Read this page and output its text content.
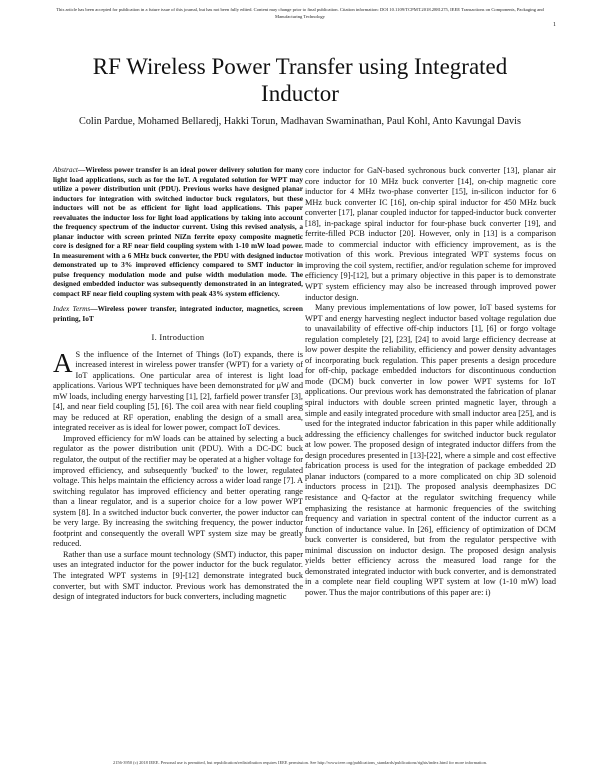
This article has been accepted for publication in a future issue of this journal, but has not been fully edited. Content may change prior to final publication. Citation information: DOI 10.1109/TCPMT.2018.2881275, IEEE Transactions on Components, Packaging and Manufacturing Technology
1
RF Wireless Power Transfer using Integrated Inductor
Colin Pardue, Mohamed Bellaredj, Hakki Torun, Madhavan Swaminathan, Paul Kohl, Anto Kavungal Davis

Abstract—Wireless power transfer is an ideal power delivery solution for many light load applications, such as for the IoT. A regulated solution for WPT may utilize a power distribution unit (PDU). Previous works have designed planar inductors for integration with switched inductor buck regulators, but these inductors will not be as efficient for light load applications. This paper reevaluates the inductor loss for light load applications by taking into account the frequency spectrum of the inductor current. Using this revised analysis, a planar inductor with screen printed NiZn ferrite epoxy composite magnetic core is designed for a RF near field coupling system with 1-10 mW load power. In measurement with a 6 MHz buck converter, the PDU with designed inductor demonstrated up to 3% improved efficiency compared to SMT inductor in pulse frequency modulation mode and pulse width modulation mode. The designed embedded inductor was subsequently demonstrated in an integrated, compact RF near field coupling system with peak 43% system efficiency.

Index Terms—Wireless power transfer, integrated inductor, magnetics, screen printing, IoT

I. Introduction

A S the influence of the Internet of Things (IoT) expands, there is increased interest in wireless power transfer (WPT) for a variety of IoT applications. One particular area of interest is light load applications. Various WPT techniques have been demonstrated for μW and mW loads, including energy harvesting [1], [2], farfield power transfer [3], [4], and near field coupling [5], [6]. The coil area with near field coupling may be reduced at RF operation, enabling the design of a small area, integrated receiver as is ideal for lower power, compact IoT devices.

Improved efficiency for mW loads can be attained by selecting a buck regulator as the power distribution unit (PDU). With a DC-DC buck regulator, the output of the rectifier may be operated at a higher voltage for improved efficiency, and subsequently 'bucked' to the lower, regulated voltage. This helps maintain the efficiency across a wider load range [7]. A switching regulator has improved efficiency and better operating range than a linear regulator, and is a superior choice for a low power WPT system [8]. In a switched inductor buck converter, the power inductor can be very large. By increasing the switching frequency, the power inductor footprint and consequently the overall WPT system size may be greatly reduced.

Rather than use a surface mount technology (SMT) inductor, this paper uses an integrated inductor for the power inductor for the buck regulator. The integrated WPT systems in [9]-[12] demonstrate integrated buck converter, but with SMT inductor. Previous work has demonstrated the design of integrated inductors for buck converters, including magnetic

core inductor for GaN-based sychronous buck converter [13], planar air core inductor for 10 MHz buck converter [14], on-chip magnetic core inductor for 4 MHz two-phase converter [15], in-silicon inductor for 6 MHz buck converter IC [16], on-chip spiral inductor for 450 MHz buck converter [17], planar coupled inductor for tapped-inductor buck converter [18], in-package spiral inductor for four-phase buck converter [19], and ferrite-filled PCB inductor [20]. However, only in [13] is a comparison made to commercial inductor with efficiency improvement, as is the motivation of this work. Previous integrated WPT systems focus on improving the coil system, rectifier, and/or regulation scheme for improved efficiency [9]-[12], but a primary objective in this paper is to demonstrate WPT system efficiency may also be increased through improved power inductor design.

Many previous implementations of low power, IoT based systems for WPT and energy harvesting neglect inductor based voltage regulation due to unavailability of effective off-chip inductors [1], [6] or forgo voltage regulation completely [2], [23], [24] to avoid large efficiency decrease at low power despite the reliability, efficiency and power density advantages of incorporating buck regulation. This paper presents a design procedure for off-chip, package embedded inductors for discontinuous conduction mode (DCM) buck converter in low power WPT systems for IoT applications. Our previous work has demonstrated the fabrication of planar spiral inductors with double screen printed magnetic layer, through a simple and easily integrated procedure with small inductor area [25], and is used for the integrated inductor fabrication in this paper while additionally addressing the efficiency challenges for switched inductor buck regulator at low power. The proposed design of integrated inductor differs from the design procedures presented in [13]-[22], where a simple and cost effective fabrication process is used for the integration of package embedded 2D planar inductors (compared to a more complicated on chip 3D solenoid inductors process in [21]). The proposed analysis deemphasizes DC resistance and Q-factor at the regulator switching frequency while emphasizing the resistance at harmonic frequencies of the switching frequency and variation in spectral content of the inductor current as a function of inductance value. In [26], efficiency of optimization of DCM buck converter is considered, but from the regulator perspective with minimal discussion on inductor design. The proposed design analysis yields better efficiency across the measured load range for the demonstrated integrated inductor with buck converter, and is demonstrated in a complete near field coupling WPT system at low (1-10 mW) load power. Thus the major contributions of this paper are: i)

2156-3950 (c) 2018 IEEE. Personal use is permitted, but republication/redistribution requires IEEE permission. See http://www.ieee.org/publications_standards/publications/rights/index.html for more information.
